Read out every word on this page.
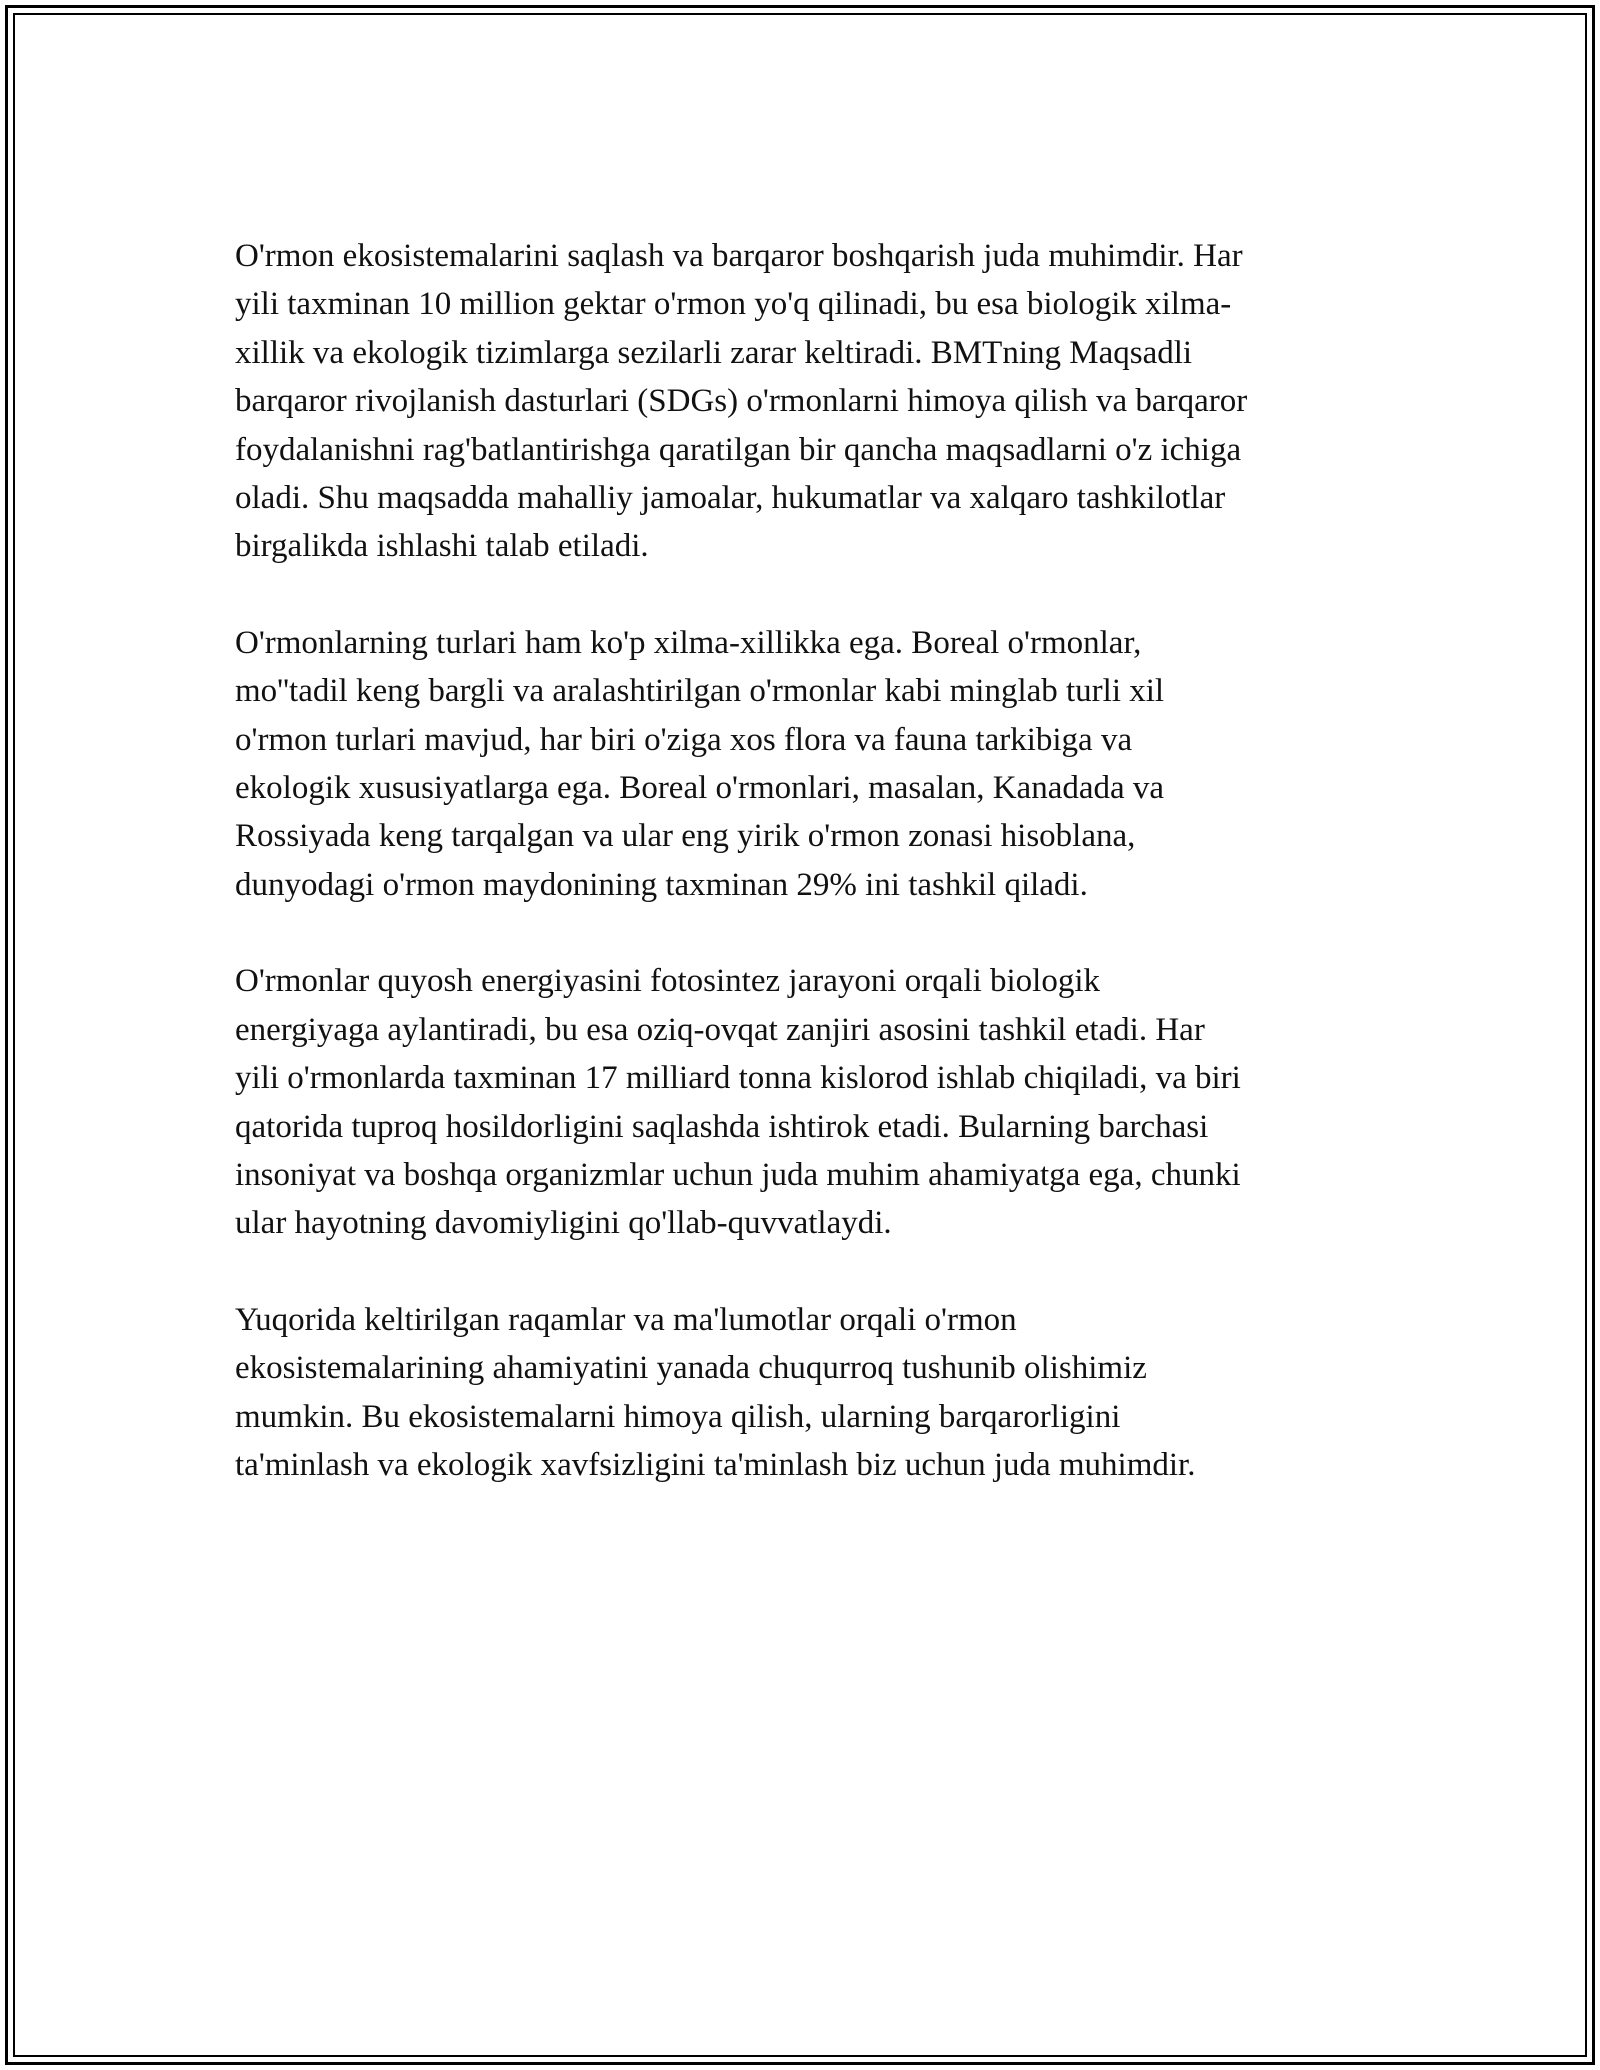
O'rmon ekosistemalarini saqlash va barqaror boshqarish juda muhimdir. Har
yili taxminan 10 million gektar o'rmon yo'q qilinadi, bu esa biologik xilma-
xillik va ekologik tizimlarga sezilarli zarar keltiradi. BMTning Maqsadli
barqaror rivojlanish dasturlari (SDGs) o'rmonlarni himoya qilish va barqaror
foydalanishni rag'batlantirishga qaratilgan bir qancha maqsadlarni o'z ichiga
oladi. Shu maqsadda mahalliy jamoalar, hukumatlar va xalqaro tashkilotlar
birgalikda ishlashi talab etiladi.

O'rmonlarning turlari ham ko'p xilma-xillikka ega. Boreal o'rmonlar,
mo''tadil keng bargli va aralashtirilgan o'rmonlar kabi minglab turli xil
o'rmon turlari mavjud, har biri o'ziga xos flora va fauna tarkibiga va
ekologik xususiyatlarga ega. Boreal o'rmonlari, masalan, Kanadada va
Rossiyada keng tarqalgan va ular eng yirik o'rmon zonasi hisoblana,
dunyodagi o'rmon maydonining taxminan 29% ini tashkil qiladi.

O'rmonlar quyosh energiyasini fotosintez jarayoni orqali biologik
energiyaga aylantiradi, bu esa oziq-ovqat zanjiri asosini tashkil etadi. Har
yili o'rmonlarda taxminan 17 milliard tonna kislorod ishlab chiqiladi, va biri
qatorida tuproq hosildorligini saqlashda ishtirok etadi. Bularning barchasi
insoniyat va boshqa organizmlar uchun juda muhim ahamiyatga ega, chunki
ular hayotning davomiyligini qo'llab-quvvatlaydi.

Yuqorida keltirilgan raqamlar va ma'lumotlar orqali o'rmon
ekosistemalarining ahamiyatini yanada chuqurroq tushunib olishimiz
mumkin. Bu ekosistemalarni himoya qilish, ularning barqarorligini
ta'minlash va ekologik xavfsizligini ta'minlash biz uchun juda muhimdir.
